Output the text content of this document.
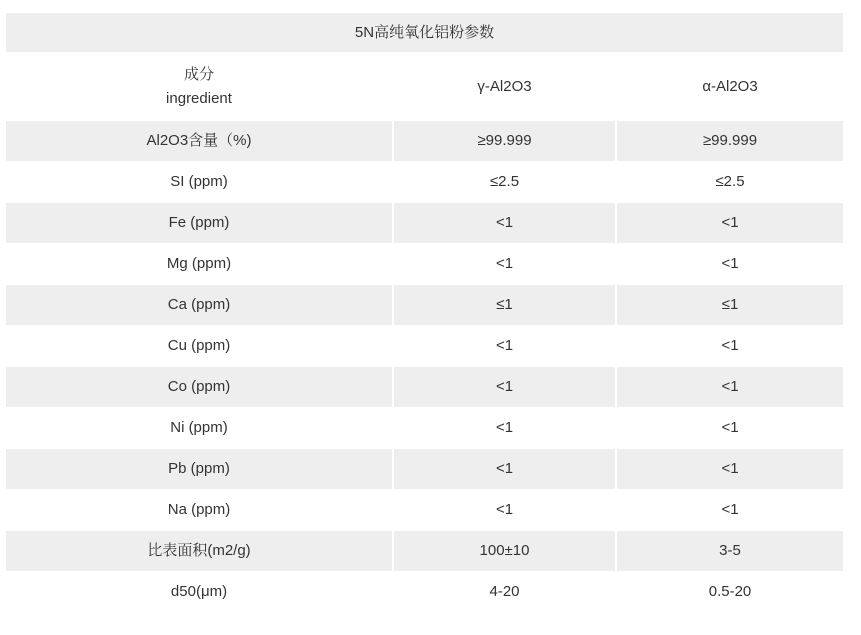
5N高纯氧化铝粉参数		

成分
ingredient	γ-Al2O3	α-Al2O3
Al2O3含量（%)	≥99.999	≥99.999
SI (ppm)	≤2.5	≤2.5
Fe (ppm)	<1	<1
Mg (ppm)	<1	<1
Ca (ppm)	≤1	≤1
Cu (ppm)	<1	<1
Co (ppm)	<1	<1
Ni (ppm)	<1	<1
Pb (ppm)	<1	<1
Na (ppm)	<1	<1
比表面积(m2/g)	100±10	3-5
d50(μm)	4-20	0.5-20
